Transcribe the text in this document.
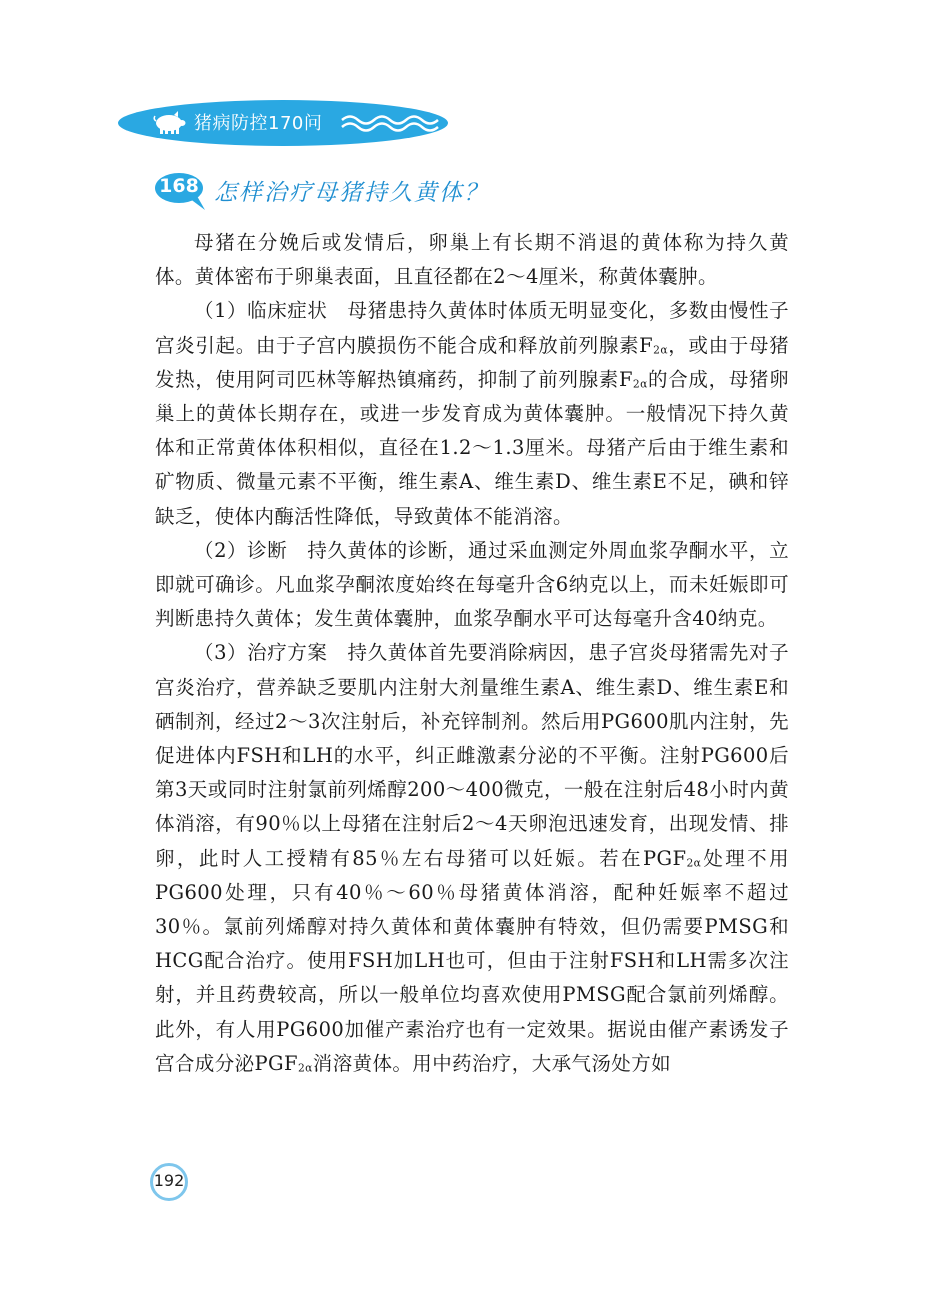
猪病防控170问
168 怎样治疗母猪持久黄体？

母猪在分娩后或发情后，卵巢上有长期不消退的黄体称为持久黄体。黄体密布于卵巢表面，且直径都在2～4厘米，称黄体囊肿。

（1）临床症状　母猪患持久黄体时体质无明显变化，多数由慢性子宫炎引起。由于子宫内膜损伤不能合成和释放前列腺素$F_{2\alpha}$，或由于母猪发热，使用阿司匹林等解热镇痛药，抑制了前列腺素$F_{2\alpha}$的合成，母猪卵巢上的黄体长期存在，或进一步发育成为黄体囊肿。一般情况下持久黄体和正常黄体体积相似，直径在1.2～1.3厘米。母猪产后由于维生素和矿物质、微量元素不平衡，维生素A、维生素D、维生素E不足，碘和锌缺乏，使体内酶活性降低，导致黄体不能消溶。

（2）诊断　持久黄体的诊断，通过采血测定外周血浆孕酮水平，立即就可确诊。凡血浆孕酮浓度始终在每毫升含6纳克以上，而未妊娠即可判断患持久黄体；发生黄体囊肿，血浆孕酮水平可达每毫升含40纳克。

（3）治疗方案　持久黄体首先要消除病因，患子宫炎母猪需先对子宫炎治疗，营养缺乏要肌内注射大剂量维生素A、维生素D、维生素E和硒制剂，经过2～3次注射后，补充锌制剂。然后用PG600肌内注射，先促进体内FSH和LH的水平，纠正雌激素分泌的不平衡。注射PG600后第3天或同时注射氯前列烯醇200～400微克，一般在注射后48小时内黄体消溶，有90％以上母猪在注射后2～4天卵泡迅速发育，出现发情、排卵，此时人工授精有85％左右母猪可以妊娠。若在$PGF_{2\alpha}$处理不用PG600处理，只有40％～60％母猪黄体消溶，配种妊娠率不超过30％。氯前列烯醇对持久黄体和黄体囊肿有特效，但仍需要PMSG和HCG配合治疗。使用FSH加LH也可，但由于注射FSH和LH需多次注射，并且药费较高，所以一般单位均喜欢使用PMSG配合氯前列烯醇。此外，有人用PG600加催产素治疗也有一定效果。据说由催产素诱发子宫合成分泌$PGF_{2\alpha}$消溶黄体。用中药治疗，大承气汤处方如

192
